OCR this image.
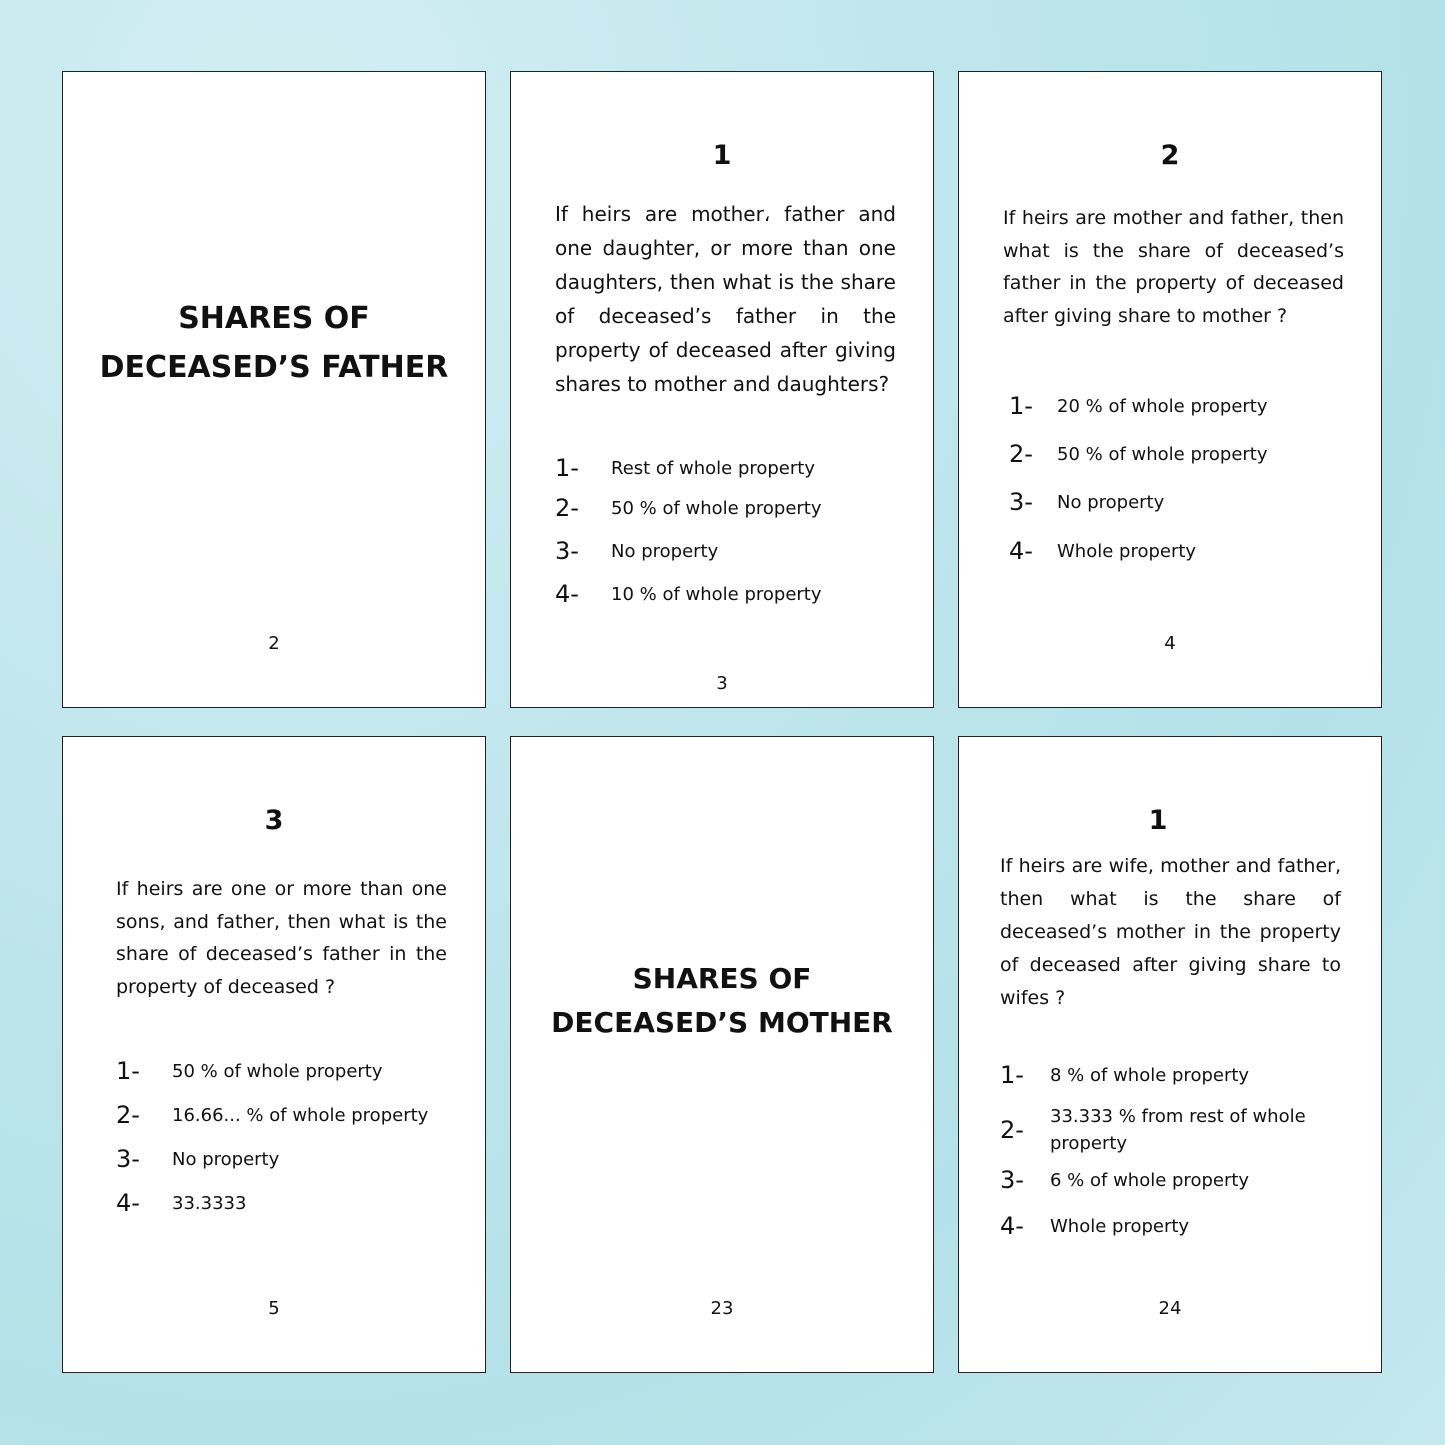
SHARES OF
DECEASED’S FATHER
2
1

If heirs are mother، father and one daughter, or more than one daughters, then what is the share of deceased’s father in the property of deceased after giving shares to mother and daughters?

1-	Rest of whole property
2-	50 % of whole property
3-	No property
4-	10 % of whole property
3
2

If heirs are mother and father, then what is the share of deceased’s father in the property of deceased after giving share to mother ?

1-	20 % of whole property
2-	50 % of whole property
3-	No property
4-	Whole property
4
3

If heirs are one or more than one sons, and father, then what is the share of deceased’s father in the property of deceased ?

1-	50 % of whole property
2-	16.66... % of whole property
3-	No property
4-	33.3333
5
SHARES OF
DECEASED’S MOTHER
23
1

If heirs are wife, mother and father, then what is the share of deceased’s mother in the property of deceased after giving share to wifes ?

1-	8 % of whole property
2-	33.333 % from rest of whole property
3-	6 % of whole property
4-	Whole property
24
